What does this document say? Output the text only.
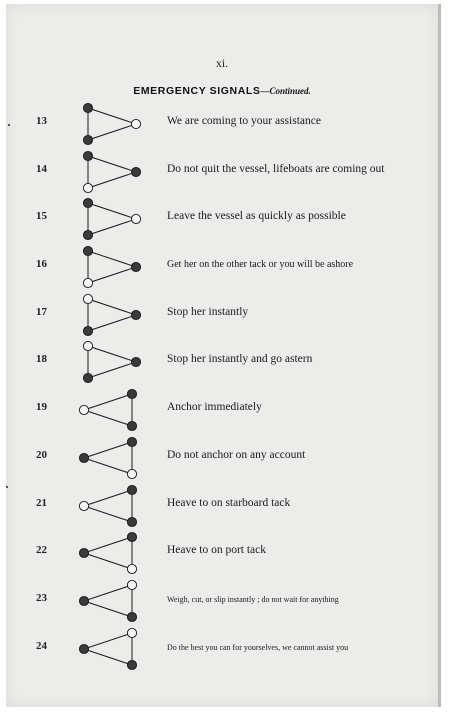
xi.
EMERGENCY SIGNALS—Continued.
13	We are coming to your assistance
14	Do not quit the vessel, lifeboats are coming out
15	Leave the vessel as quickly as possible
16	Get her on the other tack or you will be ashore
17	Stop her instantly
18	Stop her instantly and go astern
19	Anchor immediately
20	Do not anchor on any account
21	Heave to on starboard tack
22	Heave to on port tack
23	Weigh, cut, or slip instantly ; do not wait for anything
24	Do the best you can for yourselves, we cannot assist you
